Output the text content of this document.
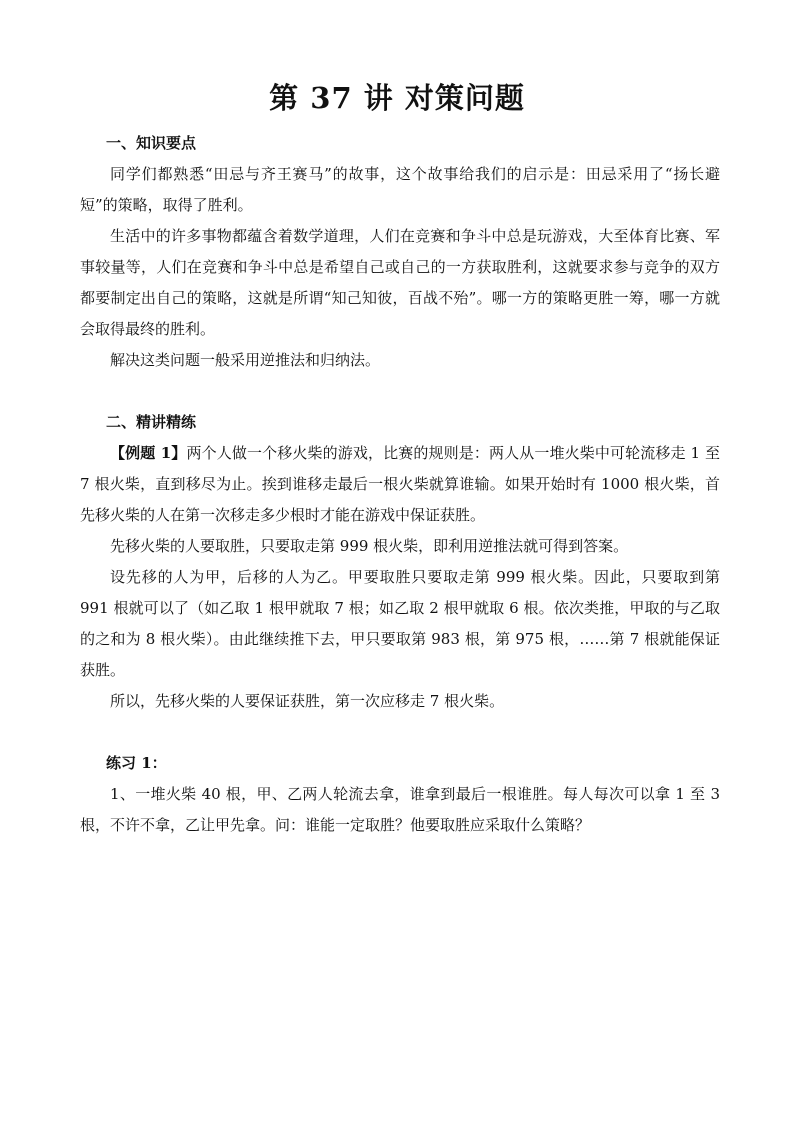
第 37 讲 对策问题

一、知识要点

同学们都熟悉“田忌与齐王赛马”的故事，这个故事给我们的启示是：田忌采用了“扬长避短”的策略，取得了胜利。

生活中的许多事物都蕴含着数学道理，人们在竞赛和争斗中总是玩游戏，大至体育比赛、军事较量等，人们在竞赛和争斗中总是希望自己或自己的一方获取胜利，这就要求参与竞争的双方都要制定出自己的策略，这就是所谓“知己知彼，百战不殆”。哪一方的策略更胜一筹，哪一方就会取得最终的胜利。

解决这类问题一般采用逆推法和归纳法。

二、精讲精练

【例题 1】两个人做一个移火柴的游戏，比赛的规则是：两人从一堆火柴中可轮流移走 1 至 7 根火柴，直到移尽为止。挨到谁移走最后一根火柴就算谁输。如果开始时有 1000 根火柴，首先移火柴的人在第一次移走多少根时才能在游戏中保证获胜。

先移火柴的人要取胜，只要取走第 999 根火柴，即利用逆推法就可得到答案。

设先移的人为甲，后移的人为乙。甲要取胜只要取走第 999 根火柴。因此，只要取到第 991 根就可以了（如乙取 1 根甲就取 7 根；如乙取 2 根甲就取 6 根。依次类推，甲取的与乙取的之和为 8 根火柴）。由此继续推下去，甲只要取第 983 根，第 975 根，……第 7 根就能保证获胜。

所以，先移火柴的人要保证获胜，第一次应移走 7 根火柴。

练习 1：

1、一堆火柴 40 根，甲、乙两人轮流去拿，谁拿到最后一根谁胜。每人每次可以拿 1 至 3 根，不许不拿，乙让甲先拿。问：谁能一定取胜？他要取胜应采取什么策略？
